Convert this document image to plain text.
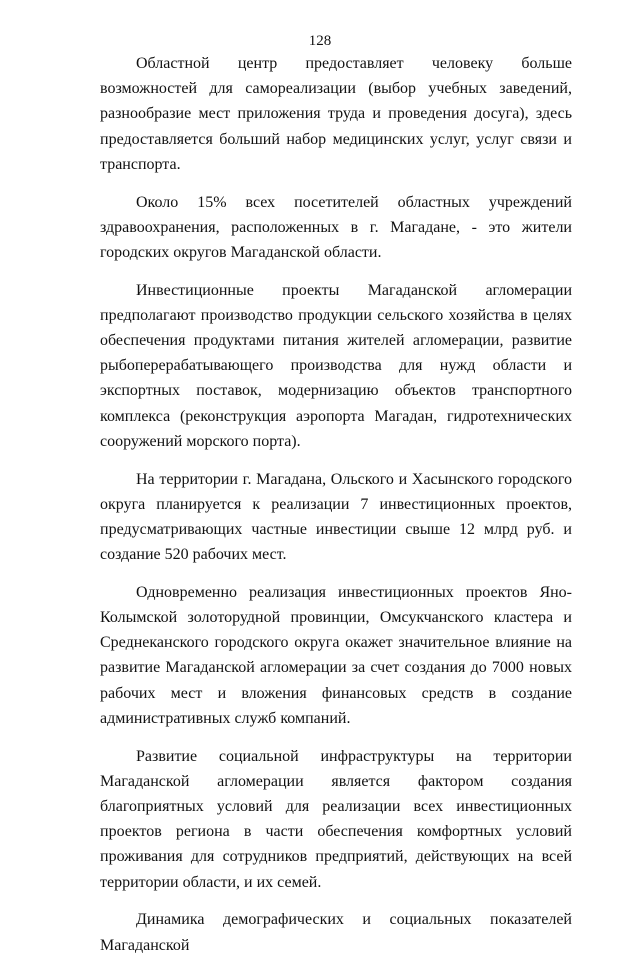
128

Областной центр предоставляет человеку больше возможностей для самореализации (выбор учебных заведений, разнообразие мест приложения труда и проведения досуга), здесь предоставляется больший набор медицинских услуг, услуг связи и транспорта.

Около 15% всех посетителей областных учреждений здравоохранения, расположенных в г. Магадане, - это жители городских округов Магаданской области.

Инвестиционные проекты Магаданской агломерации предполагают производство продукции сельского хозяйства в целях обеспечения продуктами питания жителей агломерации, развитие рыбоперерабатывающего производства для нужд области и экспортных поставок, модернизацию объектов транспортного комплекса (реконструкция аэропорта Магадан, гидротехнических сооружений морского порта).

На территории г. Магадана, Ольского и Хасынского городского округа планируется к реализации 7 инвестиционных проектов, предусматривающих частные инвестиции свыше 12 млрд руб. и создание 520 рабочих мест.

Одновременно реализация инвестиционных проектов Яно-Колымской золоторудной провинции, Омсукчанского кластера и Среднеканского городского округа окажет значительное влияние на развитие Магаданской агломерации за счет создания до 7000 новых рабочих мест и вложения финансовых средств в создание административных служб компаний.

Развитие социальной инфраструктуры на территории Магаданской агломерации является фактором создания благоприятных условий для реализации всех инвестиционных проектов региона в части обеспечения комфортных условий проживания для сотрудников предприятий, действующих на всей территории области, и их семей.

Динамика демографических и социальных показателей Магаданской
